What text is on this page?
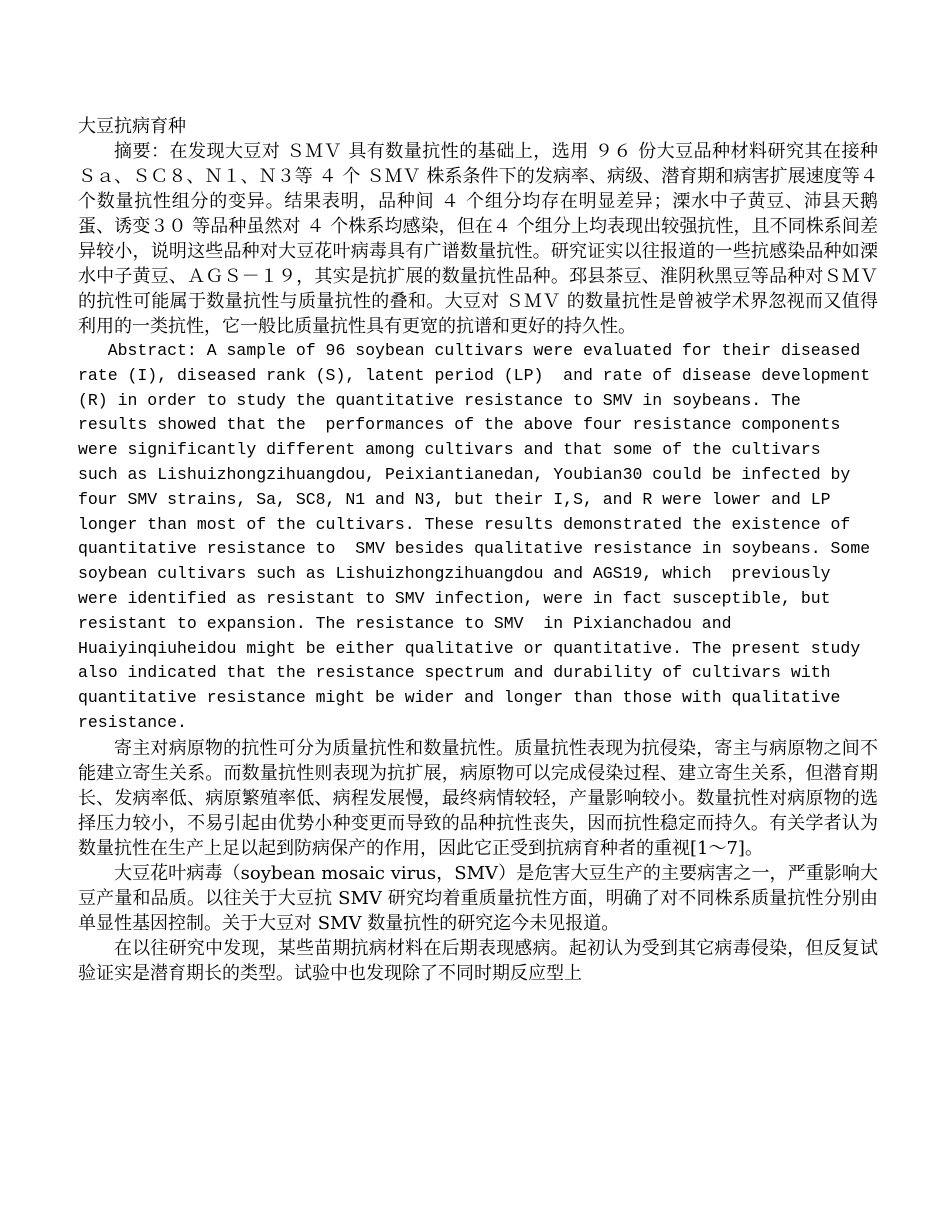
大豆抗病育种

摘要：在发现大豆对 ＳＭＶ 具有数量抗性的基础上，选用 ９６ 份大豆品种材料研究其在接种 Ｓａ、ＳＣ８、Ｎ１、Ｎ３等 ４ 个 ＳＭＶ 株系条件下的发病率、病级、潜育期和病害扩展速度等４ 个数量抗性组分的变异。结果表明，品种间 ４ 个组分均存在明显差异；溧水中子黄豆、沛县天鹅蛋、诱变３０ 等品种虽然对 ４ 个株系均感染，但在４ 个组分上均表现出较强抗性，且不同株系间差异较小，说明这些品种对大豆花叶病毒具有广谱数量抗性。研究证实以往报道的一些抗感染品种如溧水中子黄豆、ＡＧＳ－１９，其实是抗扩展的数量抗性品种。邳县茶豆、淮阴秋黑豆等品种对ＳＭＶ 的抗性可能属于数量抗性与质量抗性的叠和。大豆对 ＳＭＶ 的数量抗性是曾被学术界忽视而又值得利用的一类抗性，它一般比质量抗性具有更宽的抗谱和更好的持久性。

Abstract: A sample of 96 soybean cultivars were evaluated for their diseased rate (I), diseased rank (S), latent period (LP)  and rate of disease development (R) in order to study the quantitative resistance to SMV in soybeans. The results showed that the  performances of the above four resistance components were significantly different among cultivars and that some of the cultivars  such as Lishuizhongzihuangdou, Peixiantianedan, Youbian30 could be infected by four SMV strains, Sa, SC8, N1 and N3, but their I,S, and R were lower and LP longer than most of the cultivars. These results demonstrated the existence of quantitative resistance to  SMV besides qualitative resistance in soybeans. Some soybean cultivars such as Lishuizhongzihuangdou and AGS19, which  previously were identified as resistant to SMV infection, were in fact susceptible, but resistant to expansion. The resistance to SMV  in Pixianchadou and Huaiyinqiuheidou might be either qualitative or quantitative. The present study also indicated that the resistance spectrum and durability of cultivars with quantitative resistance might be wider and longer than those with qualitative resistance.

寄主对病原物的抗性可分为质量抗性和数量抗性。质量抗性表现为抗侵染，寄主与病原物之间不能建立寄生关系。而数量抗性则表现为抗扩展，病原物可以完成侵染过程、建立寄生关系，但潜育期长、发病率低、病原繁殖率低、病程发展慢，最终病情较轻，产量影响较小。数量抗性对病原物的选择压力较小，不易引起由优势小种变更而导致的品种抗性丧失，因而抗性稳定而持久。有关学者认为数量抗性在生产上足以起到防病保产的作用，因此它正受到抗病育种者的重视[1～7]。

大豆花叶病毒（soybean mosaic virus，SMV）是危害大豆生产的主要病害之一，严重影响大豆产量和品质。以往关于大豆抗 SMV 研究均着重质量抗性方面，明确了对不同株系质量抗性分别由单显性基因控制。关于大豆对 SMV 数量抗性的研究迄今未见报道。

在以往研究中发现，某些苗期抗病材料在后期表现感病。起初认为受到其它病毒侵染，但反复试验证实是潜育期长的类型。试验中也发现除了不同时期反应型上
